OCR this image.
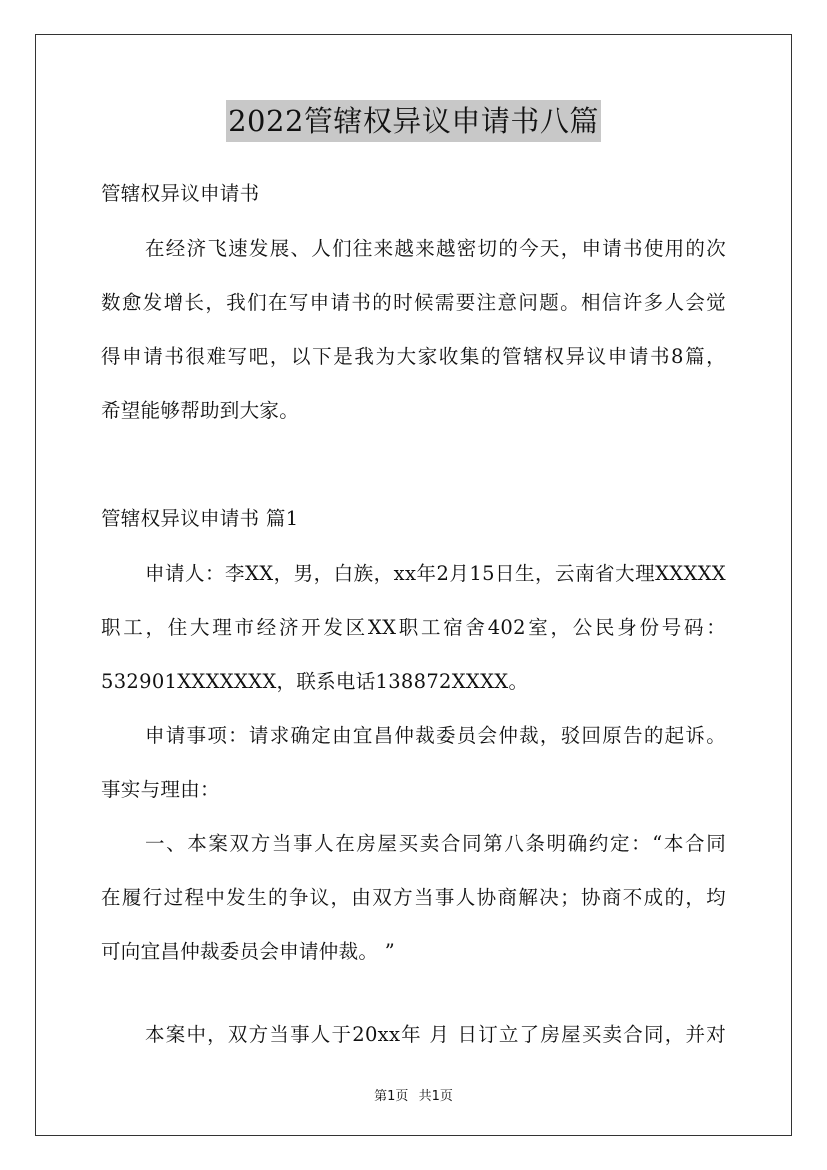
2022管辖权异议申请书八篇
管辖权异议申请书
在经济飞速发展、人们往来越来越密切的今天，申请书使用的次
数愈发增长，我们在写申请书的时候需要注意问题。相信许多人会觉
得申请书很难写吧，以下是我为大家收集的管辖权异议申请书8篇，
希望能够帮助到大家。
管辖权异议申请书 篇1
申请人：李XX，男，白族，xx年2月15日生，云南省大理XXXXX
职工，住大理市经济开发区XX职工宿舍402室，公民身份号码：
532901XXXXXXX，联系电话138872XXXX。
申请事项：请求确定由宜昌仲裁委员会仲裁，驳回原告的起诉。
事实与理由：
一、本案双方当事人在房屋买卖合同第八条明确约定：“本合同
在履行过程中发生的争议，由双方当事人协商解决；协商不成的，均
可向宜昌仲裁委员会申请仲裁。 ”
本案中，双方当事人于20xx年 月 日订立了房屋买卖合同，并对
第1页 共1页
